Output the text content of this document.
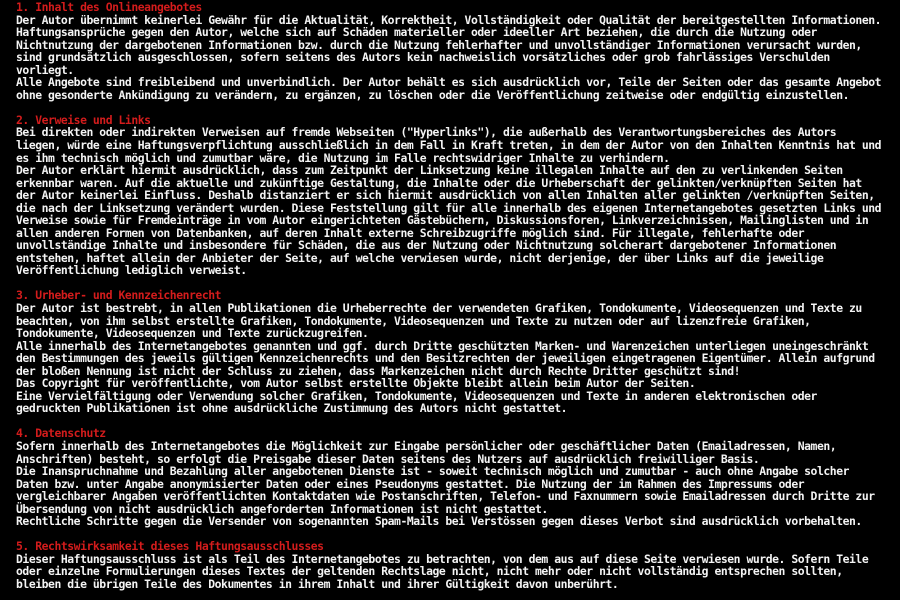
1. Inhalt des Onlineangebotes
Der Autor übernimmt keinerlei Gewähr für die Aktualität, Korrektheit, Vollständigkeit oder Qualität der bereitgestellten Informationen. Haftungsansprüche gegen den Autor, welche sich auf Schäden materieller oder ideeller Art beziehen, die durch die Nutzung oder Nichtnutzung der dargebotenen Informationen bzw. durch die Nutzung fehlerhafter und unvollständiger Informationen verursacht wurden, sind grundsätzlich ausgeschlossen, sofern seitens des Autors kein nachweislich vorsätzliches oder grob fahrlässiges Verschulden vorliegt.
Alle Angebote sind freibleibend und unverbindlich. Der Autor behält es sich ausdrücklich vor, Teile der Seiten oder das gesamte Angebot ohne gesonderte Ankündigung zu verändern, zu ergänzen, zu löschen oder die Veröffentlichung zeitweise oder endgültig einzustellen.
2. Verweise und Links
Bei direkten oder indirekten Verweisen auf fremde Webseiten ("Hyperlinks"), die außerhalb des Verantwortungsbereiches des Autors liegen, würde eine Haftungsverpflichtung ausschließlich in dem Fall in Kraft treten, in dem der Autor von den Inhalten Kenntnis hat und es ihm technisch möglich und zumutbar wäre, die Nutzung im Falle rechtswidriger Inhalte zu verhindern.
Der Autor erklärt hiermit ausdrücklich, dass zum Zeitpunkt der Linksetzung keine illegalen Inhalte auf den zu verlinkenden Seiten erkennbar waren. Auf die aktuelle und zukünftige Gestaltung, die Inhalte oder die Urheberschaft der gelinkten/verknüpften Seiten hat der Autor keinerlei Einfluss. Deshalb distanziert er sich hiermit ausdrücklich von allen Inhalten aller gelinkten /verknüpften Seiten, die nach der Linksetzung verändert wurden. Diese Feststellung gilt für alle innerhalb des eigenen Internetangebotes gesetzten Links und Verweise sowie für Fremdeinträge in vom Autor eingerichteten Gästebüchern, Diskussionsforen, Linkverzeichnissen, Mailinglisten und in allen anderen Formen von Datenbanken, auf deren Inhalt externe Schreibzugriffe möglich sind. Für illegale, fehlerhafte oder unvollständige Inhalte und insbesondere für Schäden, die aus der Nutzung oder Nichtnutzung solcherart dargebotener Informationen entstehen, haftet allein der Anbieter der Seite, auf welche verwiesen wurde, nicht derjenige, der über Links auf die jeweilige Veröffentlichung lediglich verweist.
3. Urheber- und Kennzeichenrecht
Der Autor ist bestrebt, in allen Publikationen die Urheberrechte der verwendeten Grafiken, Tondokumente, Videosequenzen und Texte zu beachten, von ihm selbst erstellte Grafiken, Tondokumente, Videosequenzen und Texte zu nutzen oder auf lizenzfreie Grafiken, Tondokumente, Videosequenzen und Texte zurückzugreifen.
Alle innerhalb des Internetangebotes genannten und ggf. durch Dritte geschützten Marken- und Warenzeichen unterliegen uneingeschränkt den Bestimmungen des jeweils gültigen Kennzeichenrechts und den Besitzrechten der jeweiligen eingetragenen Eigentümer. Allein aufgrund der bloßen Nennung ist nicht der Schluss zu ziehen, dass Markenzeichen nicht durch Rechte Dritter geschützt sind!
Das Copyright für veröffentlichte, vom Autor selbst erstellte Objekte bleibt allein beim Autor der Seiten.
Eine Vervielfältigung oder Verwendung solcher Grafiken, Tondokumente, Videosequenzen und Texte in anderen elektronischen oder gedruckten Publikationen ist ohne ausdrückliche Zustimmung des Autors nicht gestattet.
4. Datenschutz
Sofern innerhalb des Internetangebotes die Möglichkeit zur Eingabe persönlicher oder geschäftlicher Daten (Emailadressen, Namen, Anschriften) besteht, so erfolgt die Preisgabe dieser Daten seitens des Nutzers auf ausdrücklich freiwilliger Basis.
Die Inanspruchnahme und Bezahlung aller angebotenen Dienste ist - soweit technisch möglich und zumutbar - auch ohne Angabe solcher Daten bzw. unter Angabe anonymisierter Daten oder eines Pseudonyms gestattet. Die Nutzung der im Rahmen des Impressums oder vergleichbarer Angaben veröffentlichten Kontaktdaten wie Postanschriften, Telefon- und Faxnummern sowie Emailadressen durch Dritte zur Übersendung von nicht ausdrücklich angeforderten Informationen ist nicht gestattet.
Rechtliche Schritte gegen die Versender von sogenannten Spam-Mails bei Verstössen gegen dieses Verbot sind ausdrücklich vorbehalten.
5. Rechtswirksamkeit dieses Haftungsausschlusses
Dieser Haftungsausschluss ist als Teil des Internetangebotes zu betrachten, von dem aus auf diese Seite verwiesen wurde. Sofern Teile oder einzelne Formulierungen dieses Textes der geltenden Rechtslage nicht, nicht mehr oder nicht vollständig entsprechen sollten, bleiben die übrigen Teile des Dokumentes in ihrem Inhalt und ihrer Gültigkeit davon unberührt.
